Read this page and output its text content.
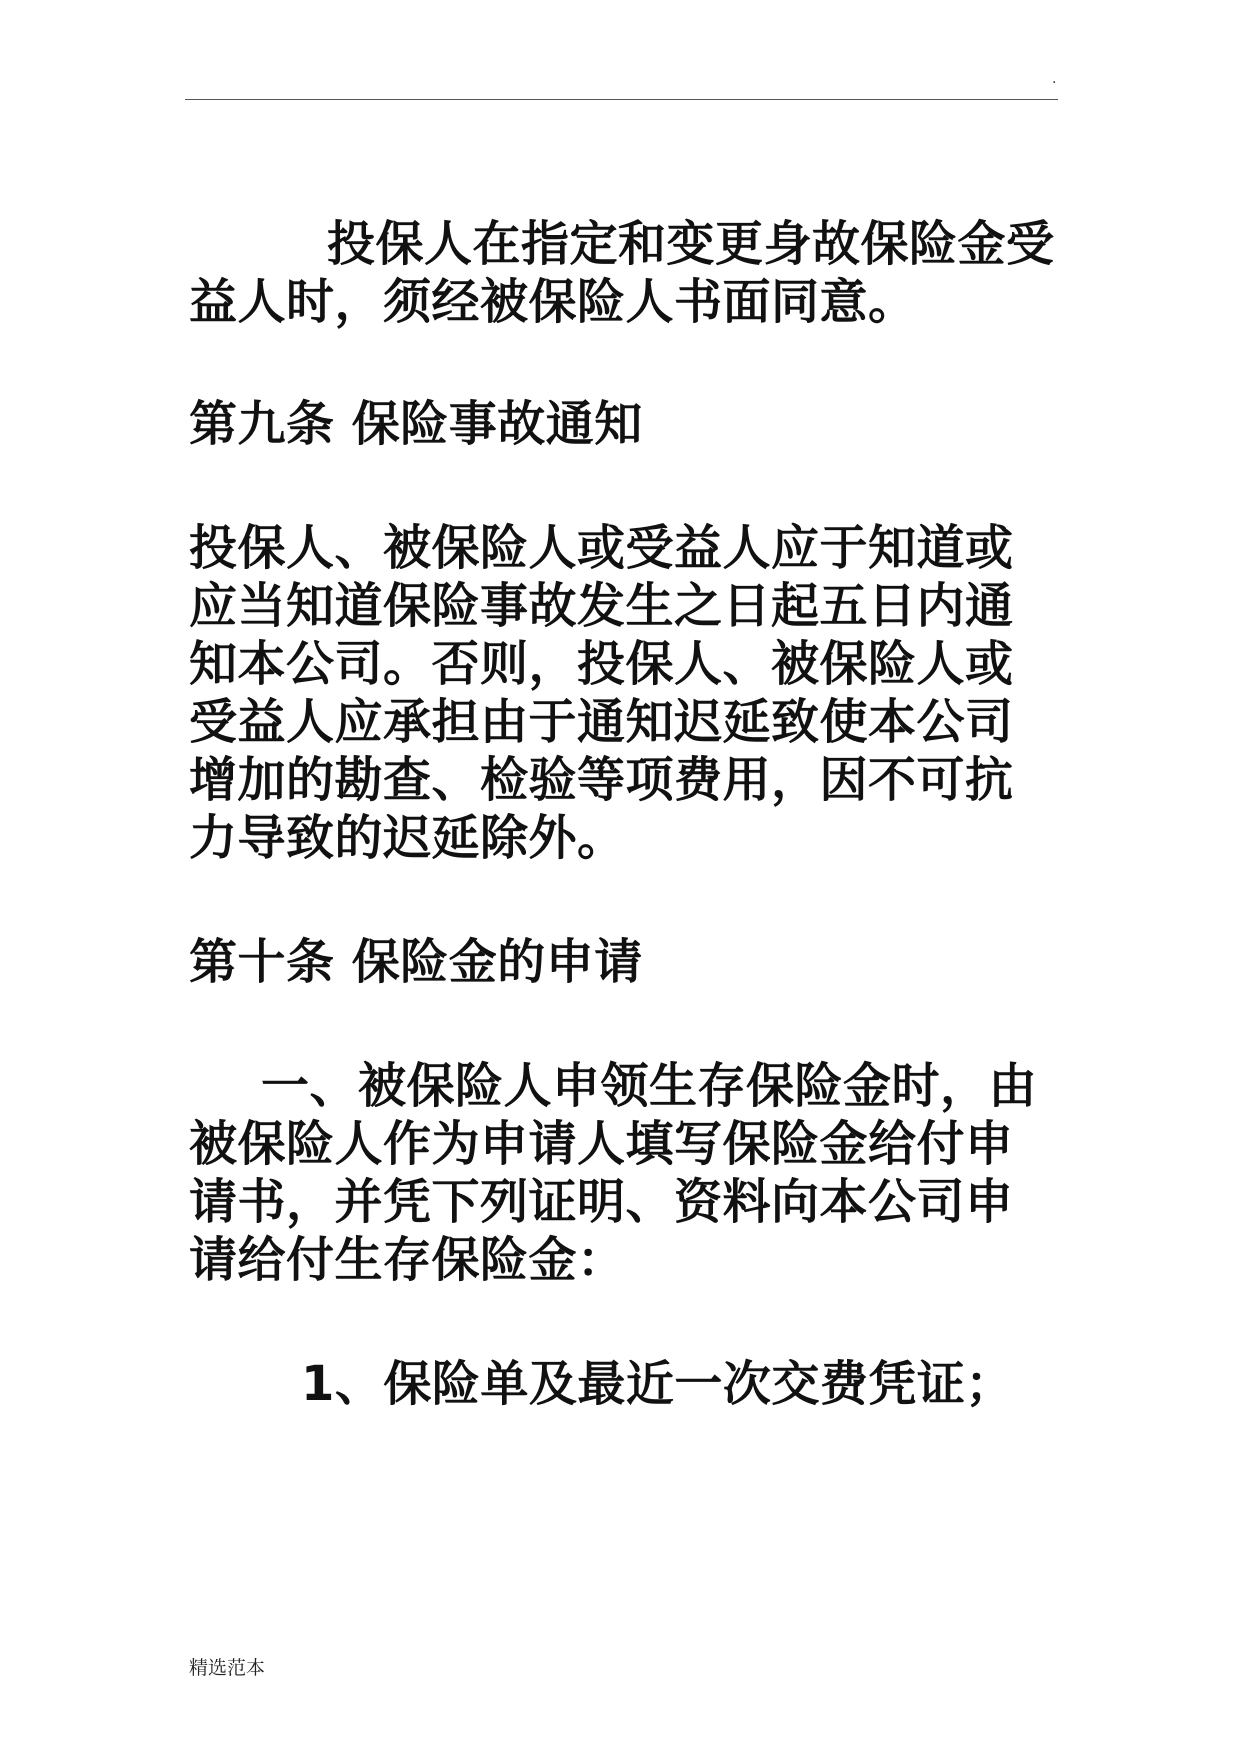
.

投保人在指定和变更身故保险金受益人时，须经被保险人书面同意。

第九条 保险事故通知

投保人、被保险人或受益人应于知道或应当知道保险事故发生之日起五日内通知本公司。否则，投保人、被保险人或受益人应承担由于通知迟延致使本公司增加的勘查、检验等项费用，因不可抗力导致的迟延除外。

第十条 保险金的申请

一、被保险人申领生存保险金时，由被保险人作为申请人填写保险金给付申请书，并凭下列证明、资料向本公司申请给付生存保险金：

1、保险单及最近一次交费凭证；

精选范本
